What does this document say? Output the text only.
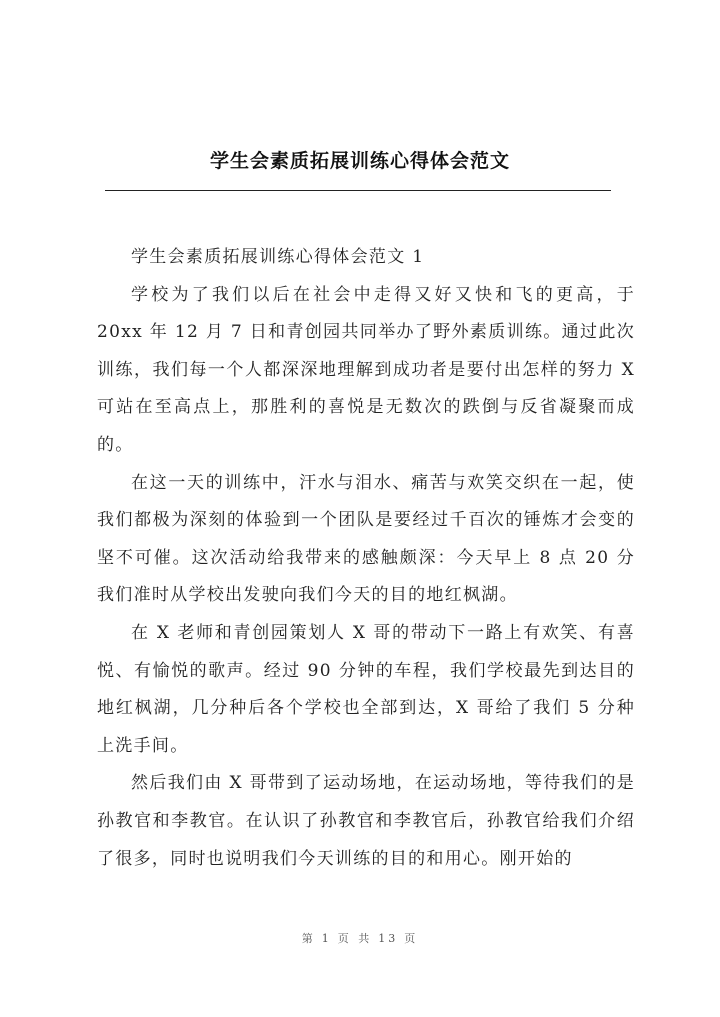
学生会素质拓展训练心得体会范文

学生会素质拓展训练心得体会范文 1

学校为了我们以后在社会中走得又好又快和飞的更高，于 20xx 年 12 月 7 日和青创园共同举办了野外素质训练。通过此次训练，我们每一个人都深深地理解到成功者是要付出怎样的努力 X 可站在至高点上，那胜利的喜悦是无数次的跌倒与反省凝聚而成的。

在这一天的训练中，汗水与泪水、痛苦与欢笑交织在一起，使我们都极为深刻的体验到一个团队是要经过千百次的锤炼才会变的坚不可催。这次活动给我带来的感触颇深：今天早上 8 点 20 分我们准时从学校出发驶向我们今天的目的地红枫湖。

在 X 老师和青创园策划人 X 哥的带动下一路上有欢笑、有喜悦、有愉悦的歌声。经过 90 分钟的车程，我们学校最先到达目的地红枫湖，几分种后各个学校也全部到达，X 哥给了我们 5 分种上洗手间。

然后我们由 X 哥带到了运动场地，在运动场地，等待我们的是孙教官和李教官。在认识了孙教官和李教官后，孙教官给我们介绍了很多，同时也说明我们今天训练的目的和用心。刚开始的

第 1 页 共 13 页
